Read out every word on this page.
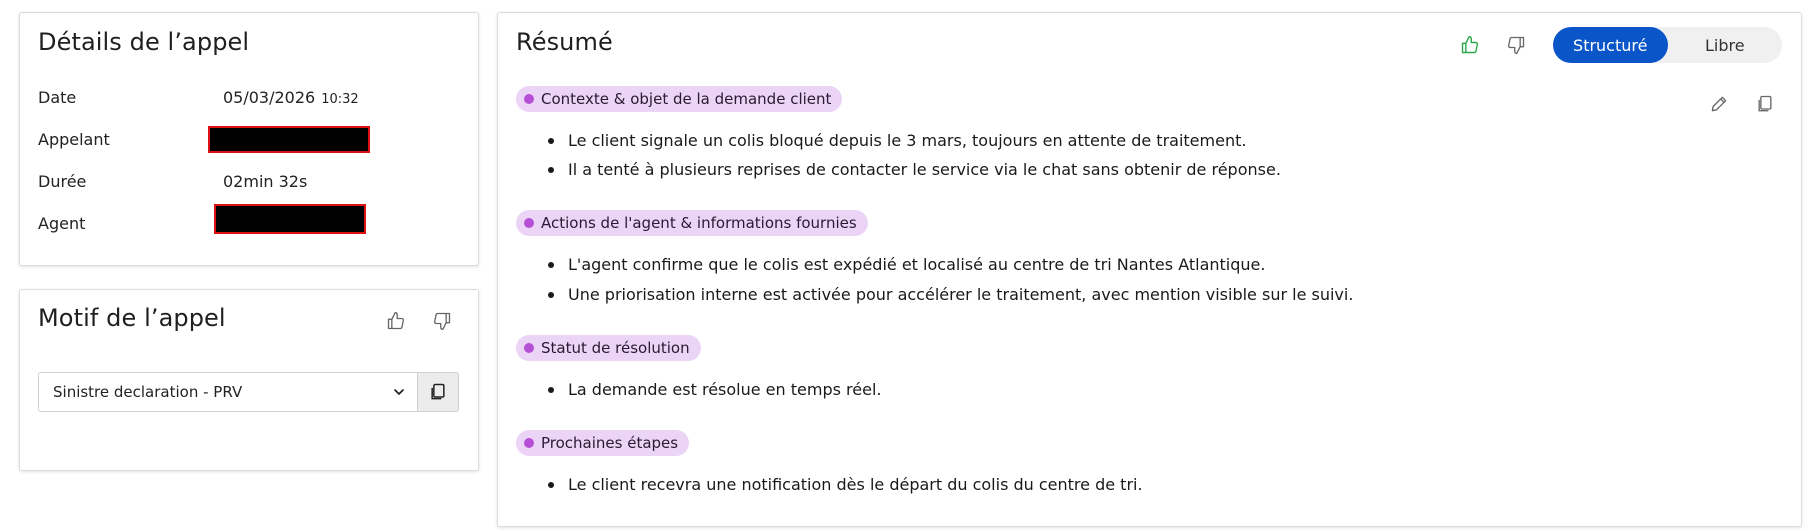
Détails de l’appel
Date	05/03/2026 10:32
Appelant
Durée	02min 32s
Agent
Motif de l’appel
Sinistre declaration - PRV
Résumé	Structuré	Libre
Contexte & objet de la demande client
Le client signale un colis bloqué depuis le 3 mars, toujours en attente de traitement.
Il a tenté à plusieurs reprises de contacter le service via le chat sans obtenir de réponse.
Actions de l'agent & informations fournies
L'agent confirme que le colis est expédié et localisé au centre de tri Nantes Atlantique.
Une priorisation interne est activée pour accélérer le traitement, avec mention visible sur le suivi.
Statut de résolution
La demande est résolue en temps réel.
Prochaines étapes
Le client recevra une notification dès le départ du colis du centre de tri.
